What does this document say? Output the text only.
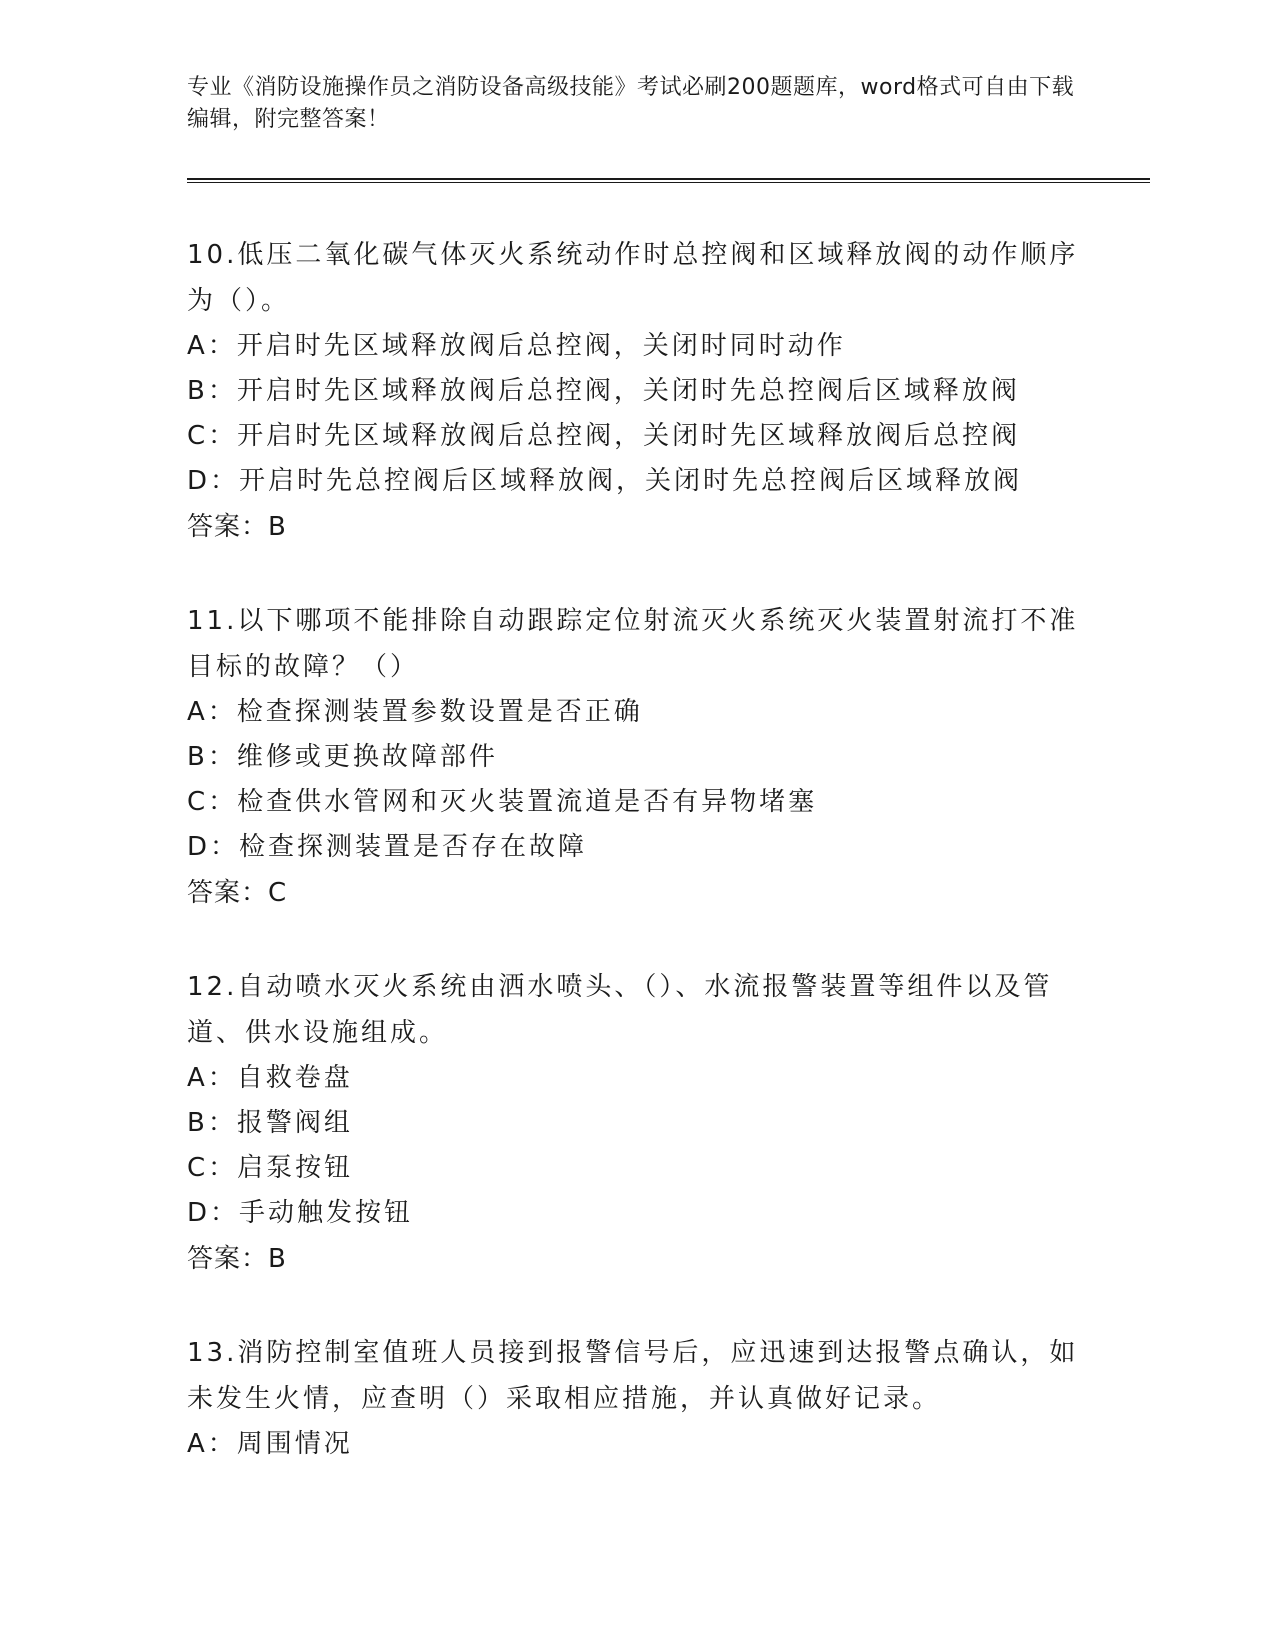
专业《消防设施操作员之消防设备高级技能》考试必刷200题题库，word格式可自由下载编辑，附完整答案！
10.低压二氧化碳气体灭火系统动作时总控阀和区域释放阀的动作顺序为（）。
A：开启时先区域释放阀后总控阀，关闭时同时动作
B：开启时先区域释放阀后总控阀，关闭时先总控阀后区域释放阀
C：开启时先区域释放阀后总控阀，关闭时先区域释放阀后总控阀
D：开启时先总控阀后区域释放阀，关闭时先总控阀后区域释放阀
答案：B
11.以下哪项不能排除自动跟踪定位射流灭火系统灭火装置射流打不准目标的故障？（）
A：检查探测装置参数设置是否正确
B：维修或更换故障部件
C：检查供水管网和灭火装置流道是否有异物堵塞
D：检查探测装置是否存在故障
答案：C
12.自动喷水灭火系统由洒水喷头、（）、水流报警装置等组件以及管道、供水设施组成。
A：自救卷盘
B：报警阀组
C：启泵按钮
D：手动触发按钮
答案：B
13.消防控制室值班人员接到报警信号后，应迅速到达报警点确认，如未发生火情，应查明（）采取相应措施，并认真做好记录。
A：周围情况
